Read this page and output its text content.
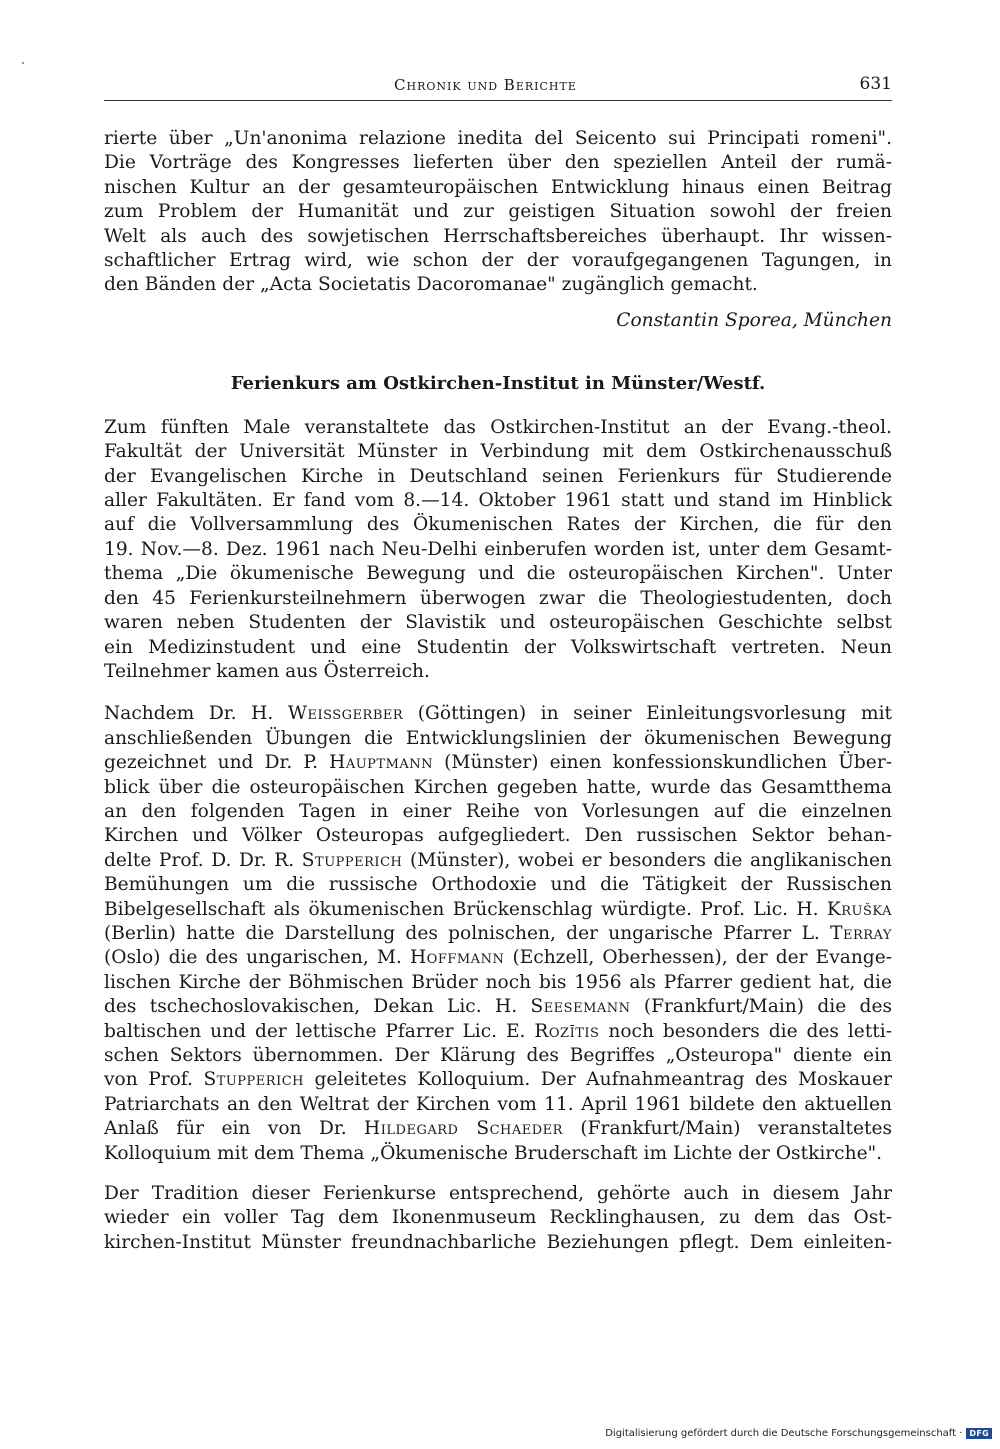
Chronik und Berichte	631

rierte über „Un'anonima relazione inedita del Seicento sui Principati romeni".
Die Vorträge des Kongresses lieferten über den speziellen Anteil der rumä-
nischen Kultur an der gesamteuropäischen Entwicklung hinaus einen Beitrag
zum Problem der Humanität und zur geistigen Situation sowohl der freien
Welt als auch des sowjetischen Herrschaftsbereiches überhaupt. Ihr wissen-
schaftlicher Ertrag wird, wie schon der der voraufgegangenen Tagungen, in
den Bänden der „Acta Societatis Dacoromanae" zugänglich gemacht.

Constantin Sporea, München
Ferienkurs am Ostkirchen-Institut in Münster/Westf.

Zum fünften Male veranstaltete das Ostkirchen-Institut an der Evang.-theol.
Fakultät der Universität Münster in Verbindung mit dem Ostkirchenausschuß
der Evangelischen Kirche in Deutschland seinen Ferienkurs für Studierende
aller Fakultäten. Er fand vom 8.—14. Oktober 1961 statt und stand im Hinblick
auf die Vollversammlung des Ökumenischen Rates der Kirchen, die für den
19. Nov.—8. Dez. 1961 nach Neu-Delhi einberufen worden ist, unter dem Gesamt-
thema „Die ökumenische Bewegung und die osteuropäischen Kirchen". Unter
den 45 Ferienkursteilnehmern überwogen zwar die Theologiestudenten, doch
waren neben Studenten der Slavistik und osteuropäischen Geschichte selbst
ein Medizinstudent und eine Studentin der Volkswirtschaft vertreten. Neun
Teilnehmer kamen aus Österreich.

Nachdem Dr. H. Weissgerber (Göttingen) in seiner Einleitungsvorlesung mit
anschließenden Übungen die Entwicklungslinien der ökumenischen Bewegung
gezeichnet und Dr. P. Hauptmann (Münster) einen konfessionskundlichen Über-
blick über die osteuropäischen Kirchen gegeben hatte, wurde das Gesamtthema
an den folgenden Tagen in einer Reihe von Vorlesungen auf die einzelnen
Kirchen und Völker Osteuropas aufgegliedert. Den russischen Sektor behan-
delte Prof. D. Dr. R. Stupperich (Münster), wobei er besonders die anglikanischen
Bemühungen um die russische Orthodoxie und die Tätigkeit der Russischen
Bibelgesellschaft als ökumenischen Brückenschlag würdigte. Prof. Lic. H. Kruška
(Berlin) hatte die Darstellung des polnischen, der ungarische Pfarrer L. Terray
(Oslo) die des ungarischen, M. Hoffmann (Echzell, Oberhessen), der der Evange-
lischen Kirche der Böhmischen Brüder noch bis 1956 als Pfarrer gedient hat, die
des tschechoslovakischen, Dekan Lic. H. Seesemann (Frankfurt/Main) die des
baltischen und der lettische Pfarrer Lic. E. Rozītis noch besonders die des letti-
schen Sektors übernommen. Der Klärung des Begriffes „Osteuropa" diente ein
von Prof. Stupperich geleitetes Kolloquium. Der Aufnahmeantrag des Moskauer
Patriarchats an den Weltrat der Kirchen vom 11. April 1961 bildete den aktuellen
Anlaß für ein von Dr. Hildegard Schaeder (Frankfurt/Main) veranstaltetes
Kolloquium mit dem Thema „Ökumenische Bruderschaft im Lichte der Ostkirche".

Der Tradition dieser Ferienkurse entsprechend, gehörte auch in diesem Jahr
wieder ein voller Tag dem Ikonenmuseum Recklinghausen, zu dem das Ost-
kirchen-Institut Münster freundnachbarliche Beziehungen pflegt. Dem einleiten-

Digitalisierung gefördert durch die Deutsche Forschungsgemeinschaft · DFG
